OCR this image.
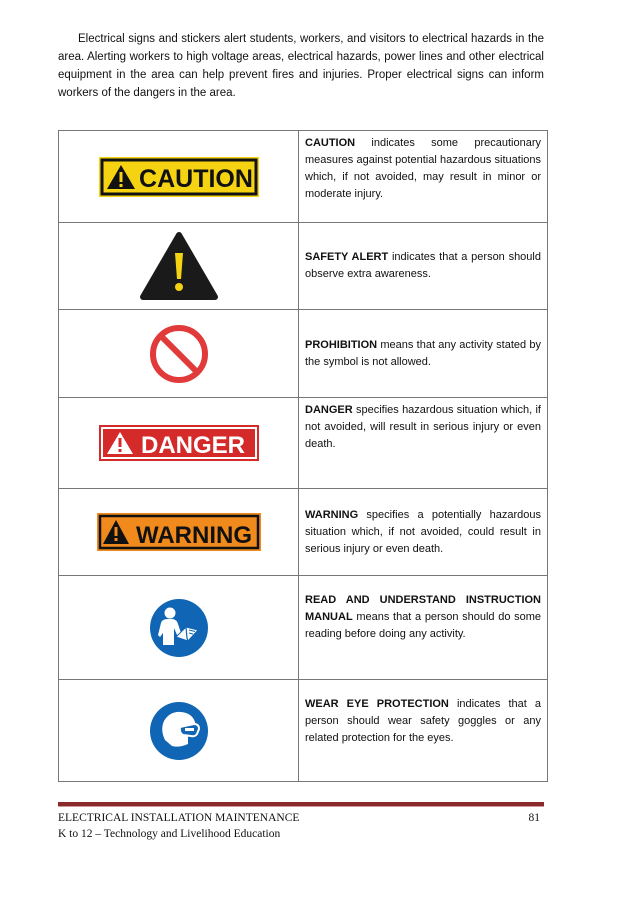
Electrical signs and stickers alert students, workers, and visitors to electrical hazards in the area. Alerting workers to high voltage areas, electrical hazards, power lines and other electrical equipment in the area can help prevent fires and injuries. Proper electrical signs can inform workers of the dangers in the area.

CAUTION	CAUTION indicates some precautionary measures against potential hazardous situations which, if not avoided, may result in minor or moderate injury.
	SAFETY ALERT indicates that a person should observe extra awareness.
	PROHIBITION means that any activity stated by the symbol is not allowed.

DANGER	DANGER specifies hazardous situation which, if not avoided, will result in serious injury or even death.

WARNING	WARNING specifies a potentially hazardous situation which, if not avoided, could result in serious injury or even death.
	READ AND UNDERSTAND INSTRUCTION MANUAL means that a person should do some reading before doing any activity.
	WEAR EYE PROTECTION indicates that a person should wear safety goggles or any related protection for the eyes.
ELECTRICAL INSTALLATION MAINTENANCE
K to 12 – Technology and Livelihood Education
81
